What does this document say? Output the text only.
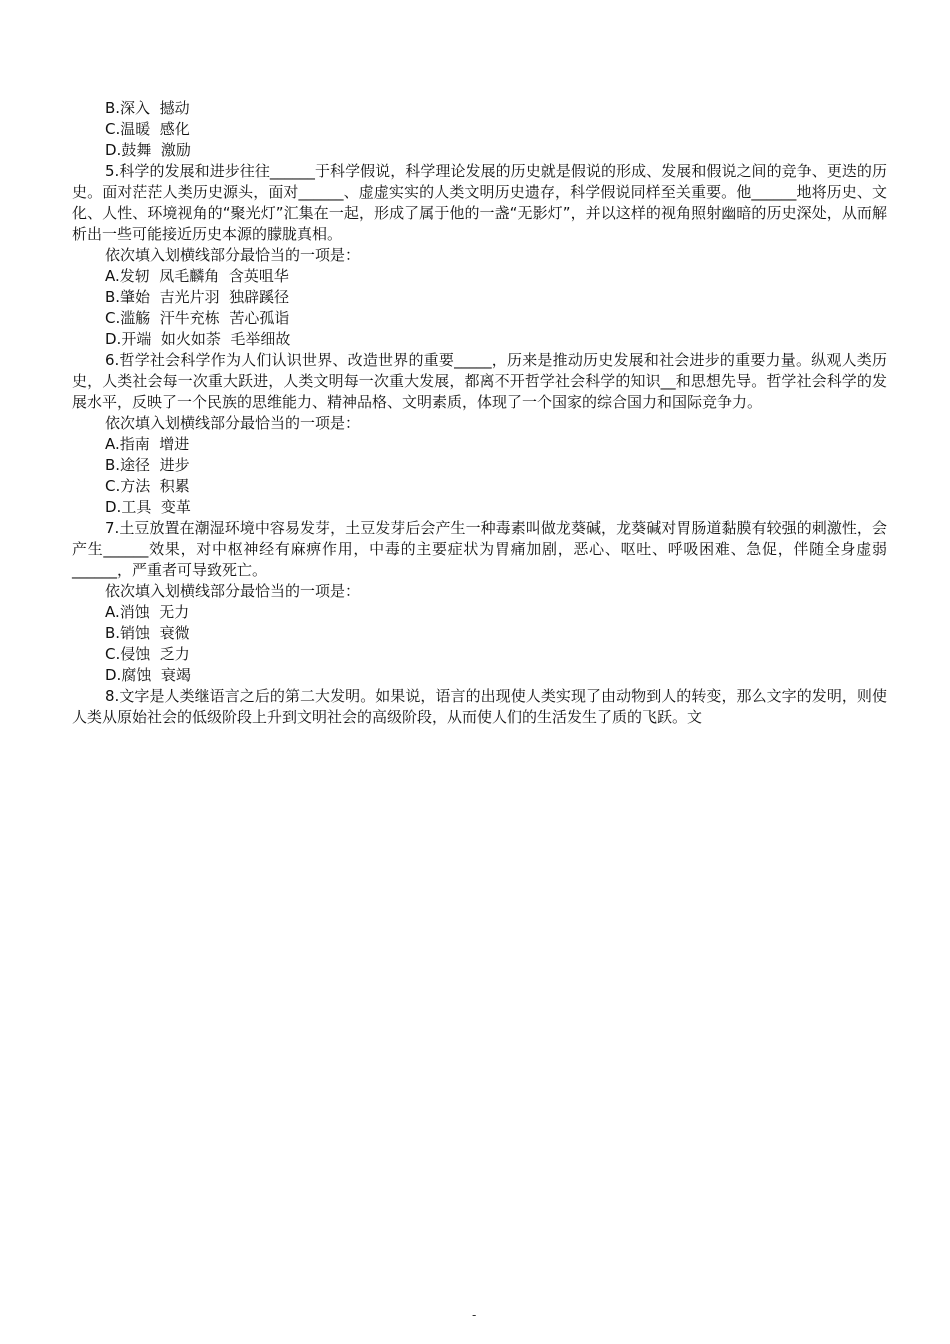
B.深入  撼动

C.温暖  感化

D.鼓舞  激励

5.科学的发展和进步往往______于科学假说，科学理论发展的历史就是假说的形成、发展和假说之间的竞争、更迭的历史。面对茫茫人类历史源头，面对______、虚虚实实的人类文明历史遗存，科学假说同样至关重要。他______地将历史、文化、人性、环境视角的“聚光灯”汇集在一起，形成了属于他的一盏“无影灯”，并以这样的视角照射幽暗的历史深处，从而解析出一些可能接近历史本源的朦胧真相。

依次填入划横线部分最恰当的一项是：

A.发轫  凤毛麟角  含英咀华

B.肇始  吉光片羽  独辟蹊径

C.滥觞  汗牛充栋  苦心孤诣

D.开端  如火如荼  毛举细故

6.哲学社会科学作为人们认识世界、改造世界的重要_____，历来是推动历史发展和社会进步的重要力量。纵观人类历史，人类社会每一次重大跃进，人类文明每一次重大发展，都离不开哲学社会科学的知识__和思想先导。哲学社会科学的发展水平，反映了一个民族的思维能力、精神品格、文明素质，体现了一个国家的综合国力和国际竞争力。

依次填入划横线部分最恰当的一项是：

A.指南  增进

B.途径  进步

C.方法  积累

D.工具  变革

7.土豆放置在潮湿环境中容易发芽，土豆发芽后会产生一种毒素叫做龙葵碱，龙葵碱对胃肠道黏膜有较强的刺激性，会产生______效果，对中枢神经有麻痹作用，中毒的主要症状为胃痛加剧，恶心、呕吐、呼吸困难、急促，伴随全身虚弱______，严重者可导致死亡。

依次填入划横线部分最恰当的一项是：

A.消蚀  无力

B.销蚀  衰微

C.侵蚀  乏力

D.腐蚀  衰竭

8.文字是人类继语言之后的第二大发明。如果说，语言的出现使人类实现了由动物到人的转变，那么文字的发明，则使人类从原始社会的低级阶段上升到文明社会的高级阶段，从而使人们的生活发生了质的飞跃。文

-
